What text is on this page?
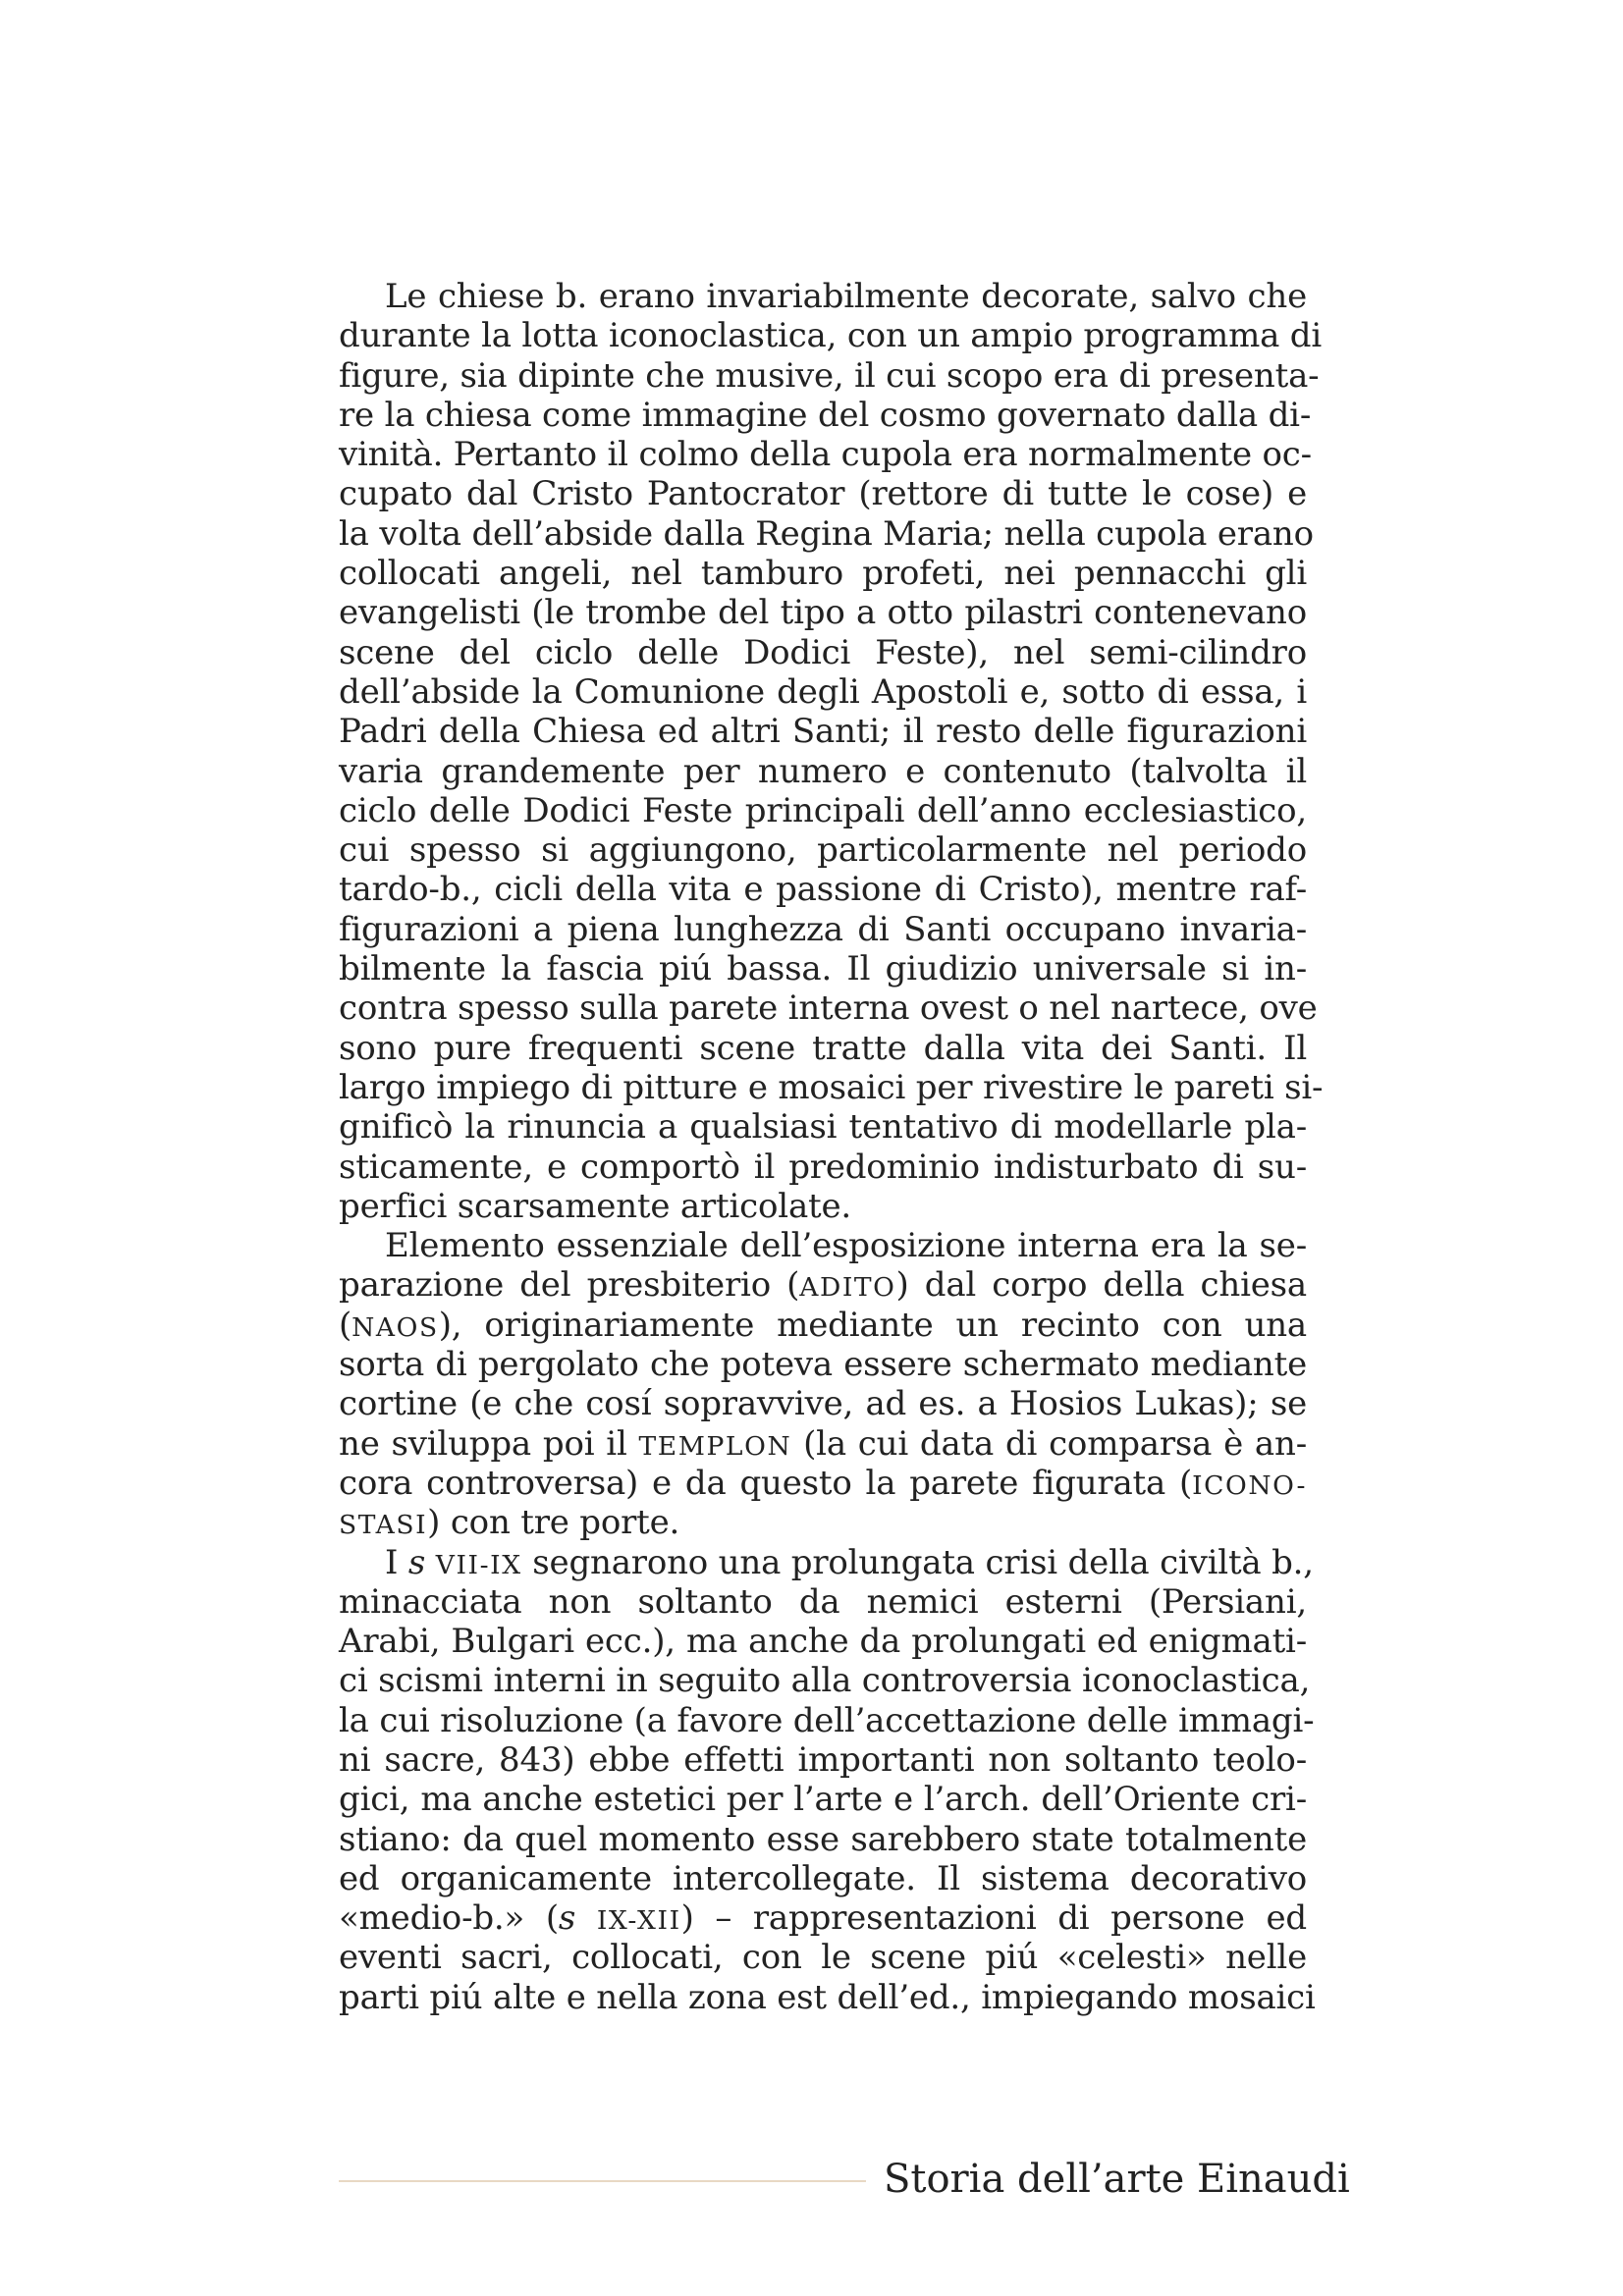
Le chiese b. erano invariabilmente decorate, salvo che
durante la lotta iconoclastica, con un ampio programma di
figure, sia dipinte che musive, il cui scopo era di presenta-
re la chiesa come immagine del cosmo governato dalla di-
vinità. Pertanto il colmo della cupola era normalmente oc-
cupato dal Cristo Pantocrator (rettore di tutte le cose) e
la volta dell’abside dalla Regina Maria; nella cupola erano
collocati angeli, nel tamburo profeti, nei pennacchi gli
evangelisti (le trombe del tipo a otto pilastri contenevano
scene del ciclo delle Dodici Feste), nel semi-cilindro
dell’abside la Comunione degli Apostoli e, sotto di essa, i
Padri della Chiesa ed altri Santi; il resto delle figurazioni
varia grandemente per numero e contenuto (talvolta il
ciclo delle Dodici Feste principali dell’anno ecclesiastico,
cui spesso si aggiungono, particolarmente nel periodo
tardo-b., cicli della vita e passione di Cristo), mentre raf-
figurazioni a piena lunghezza di Santi occupano invaria-
bilmente la fascia piú bassa. Il giudizio universale si in-
contra spesso sulla parete interna ovest o nel nartece, ove
sono pure frequenti scene tratte dalla vita dei Santi. Il
largo impiego di pitture e mosaici per rivestire le pareti si-
gnificò la rinuncia a qualsiasi tentativo di modellarle pla-
sticamente, e comportò il predominio indisturbato di su-
perfici scarsamente articolate.
Elemento essenziale dell’esposizione interna era la se-
parazione del presbiterio (ADITO) dal corpo della chiesa
(NAOS), originariamente mediante un recinto con una
sorta di pergolato che poteva essere schermato mediante
cortine (e che cosí sopravvive, ad es. a Hosios Lukas); se
ne sviluppa poi il TEMPLON (la cui data di comparsa è an-
cora controversa) e da questo la parete figurata (ICONO-
STASI) con tre porte.
I s VII-IX segnarono una prolungata crisi della civiltà b.,
minacciata non soltanto da nemici esterni (Persiani,
Arabi, Bulgari ecc.), ma anche da prolungati ed enigmati-
ci scismi interni in seguito alla controversia iconoclastica,
la cui risoluzione (a favore dell’accettazione delle immagi-
ni sacre, 843) ebbe effetti importanti non soltanto teolo-
gici, ma anche estetici per l’arte e l’arch. dell’Oriente cri-
stiano: da quel momento esse sarebbero state totalmente
ed organicamente intercollegate. Il sistema decorativo
«medio-b.» (s IX-XII) – rappresentazioni di persone ed
eventi sacri, collocati, con le scene piú «celesti» nelle
parti piú alte e nella zona est dell’ed., impiegando mosaici
Storia dell’arte Einaudi
